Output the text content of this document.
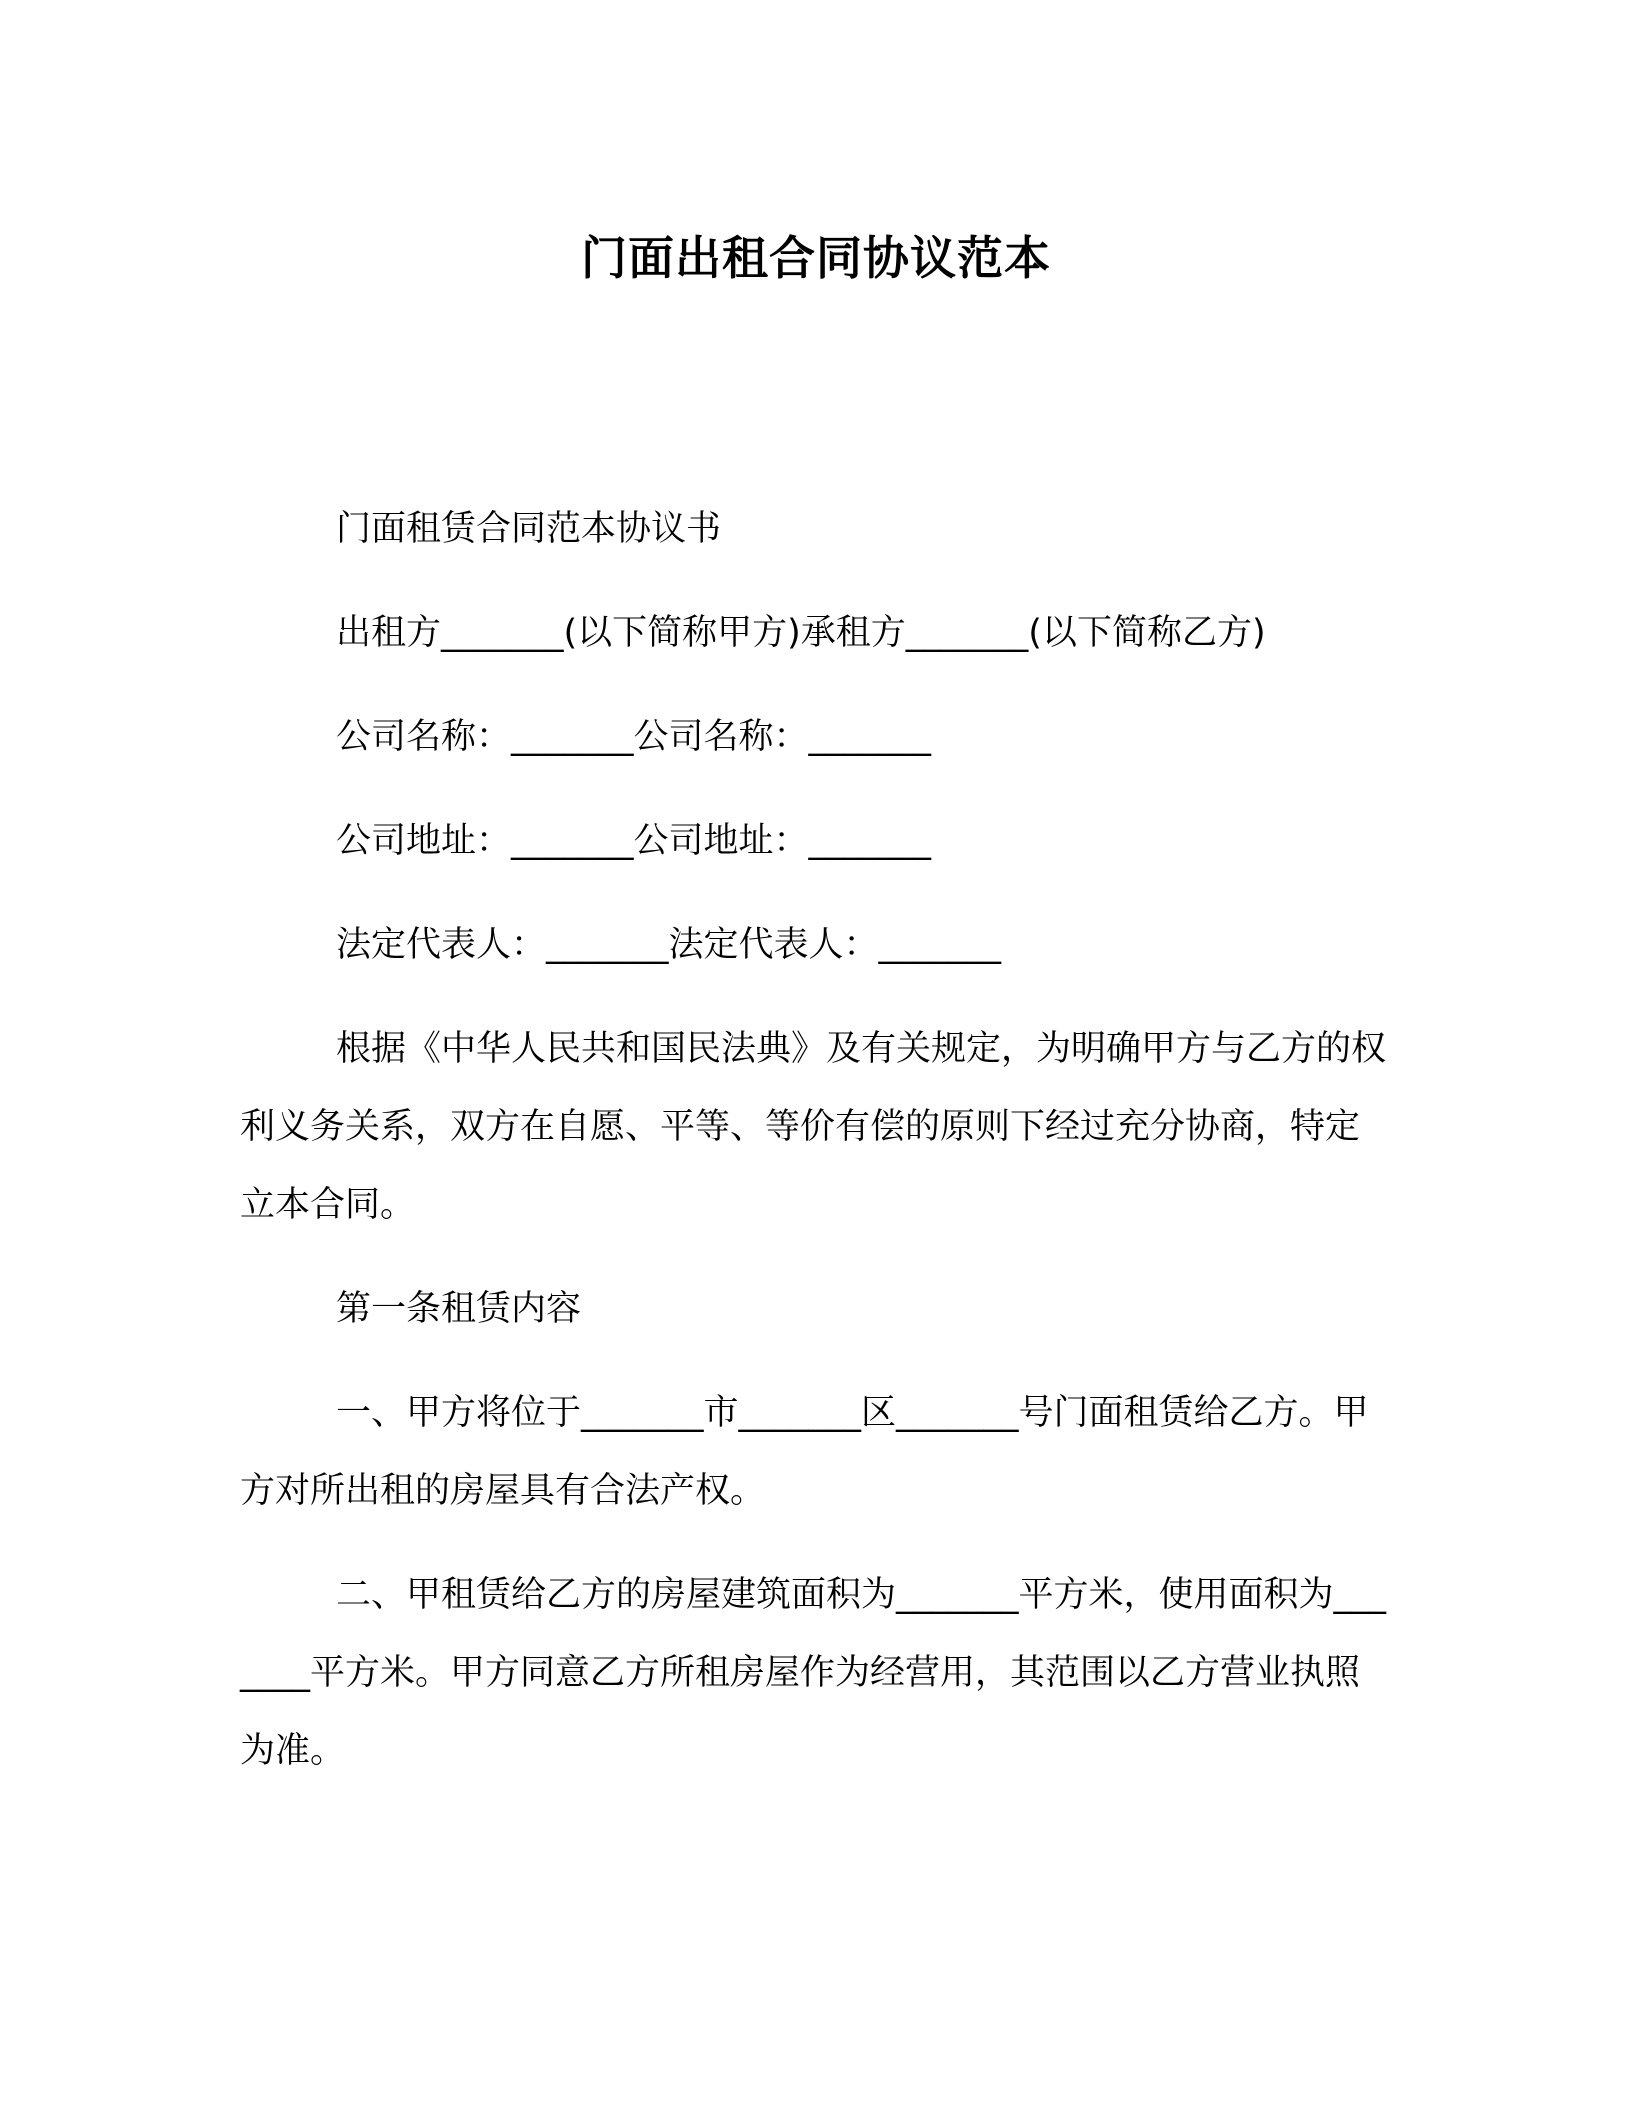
门面出租合同协议范本

门面租赁合同范本协议书

出租方_______(以下简称甲方)承租方_______(以下简称乙方)

公司名称：_______公司名称：_______

公司地址：_______公司地址：_______

法定代表人：_______法定代表人：_______

根据《中华人民共和国民法典》及有关规定，为明确甲方与乙方的权利义务关系，双方在自愿、平等、等价有偿的原则下经过充分协商，特定立本合同。

第一条租赁内容

一、甲方将位于_______市_______区_______号门面租赁给乙方。甲方对所出租的房屋具有合法产权。

二、甲租赁给乙方的房屋建筑面积为_______平方米，使用面积为_______平方米。甲方同意乙方所租房屋作为经营用，其范围以乙方营业执照为准。
